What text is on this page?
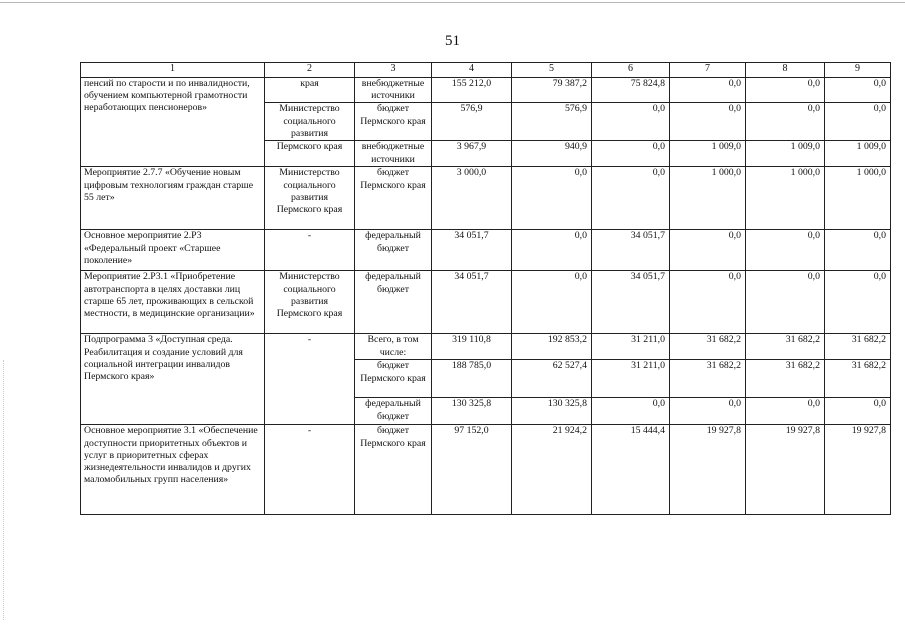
51
1	2	3	4	5	6	7	8	9
пенсий по старости и по инвалидности, обучением компьютерной грамотности неработающих пенсионеров»	края	внебюджетные источники	155 212,0	79 387,2	75 824,8	0,0	0,0	0,0
	Министерство социального развития	бюджет Пермского края	576,9	576,9	0,0	0,0	0,0	0,0
	Пермского края	внебюджетные источники	3 967,9	940,9	0,0	1 009,0	1 009,0	1 009,0
Мероприятие 2.7.7 «Обучение новым цифровым технологиям граждан старше 55 лет»	Министерство социального развития Пермского края	бюджет Пермского края	3 000,0	0,0	0,0	1 000,0	1 000,0	1 000,0
Основное мероприятие 2.Р3 «Федеральный проект «Старшее поколение»	-	федеральный бюджет	34 051,7	0,0	34 051,7	0,0	0,0	0,0
Мероприятие 2.Р3.1 «Приобретение автотранспорта в целях доставки лиц старше 65 лет, проживающих в сельской местности, в медицинские организации»	Министерство социального развития Пермского края	федеральный бюджет	34 051,7	0,0	34 051,7	0,0	0,0	0,0
Подпрограмма 3 «Доступная среда. Реабилитация и создание условий для социальной интеграции инвалидов Пермского края»	-	Всего, в том числе:	319 110,8	192 853,2	31 211,0	31 682,2	31 682,2	31 682,2
		бюджет Пермского края	188 785,0	62 527,4	31 211,0	31 682,2	31 682,2	31 682,2
		федеральный бюджет	130 325,8	130 325,8	0,0	0,0	0,0	0,0
Основное мероприятие 3.1 «Обеспечение доступности приоритетных объектов и услуг в приоритетных сферах жизнедеятельности инвалидов и других маломобильных групп населения»	-	бюджет Пермского края	97 152,0	21 924,2	15 444,4	19 927,8	19 927,8	19 927,8
